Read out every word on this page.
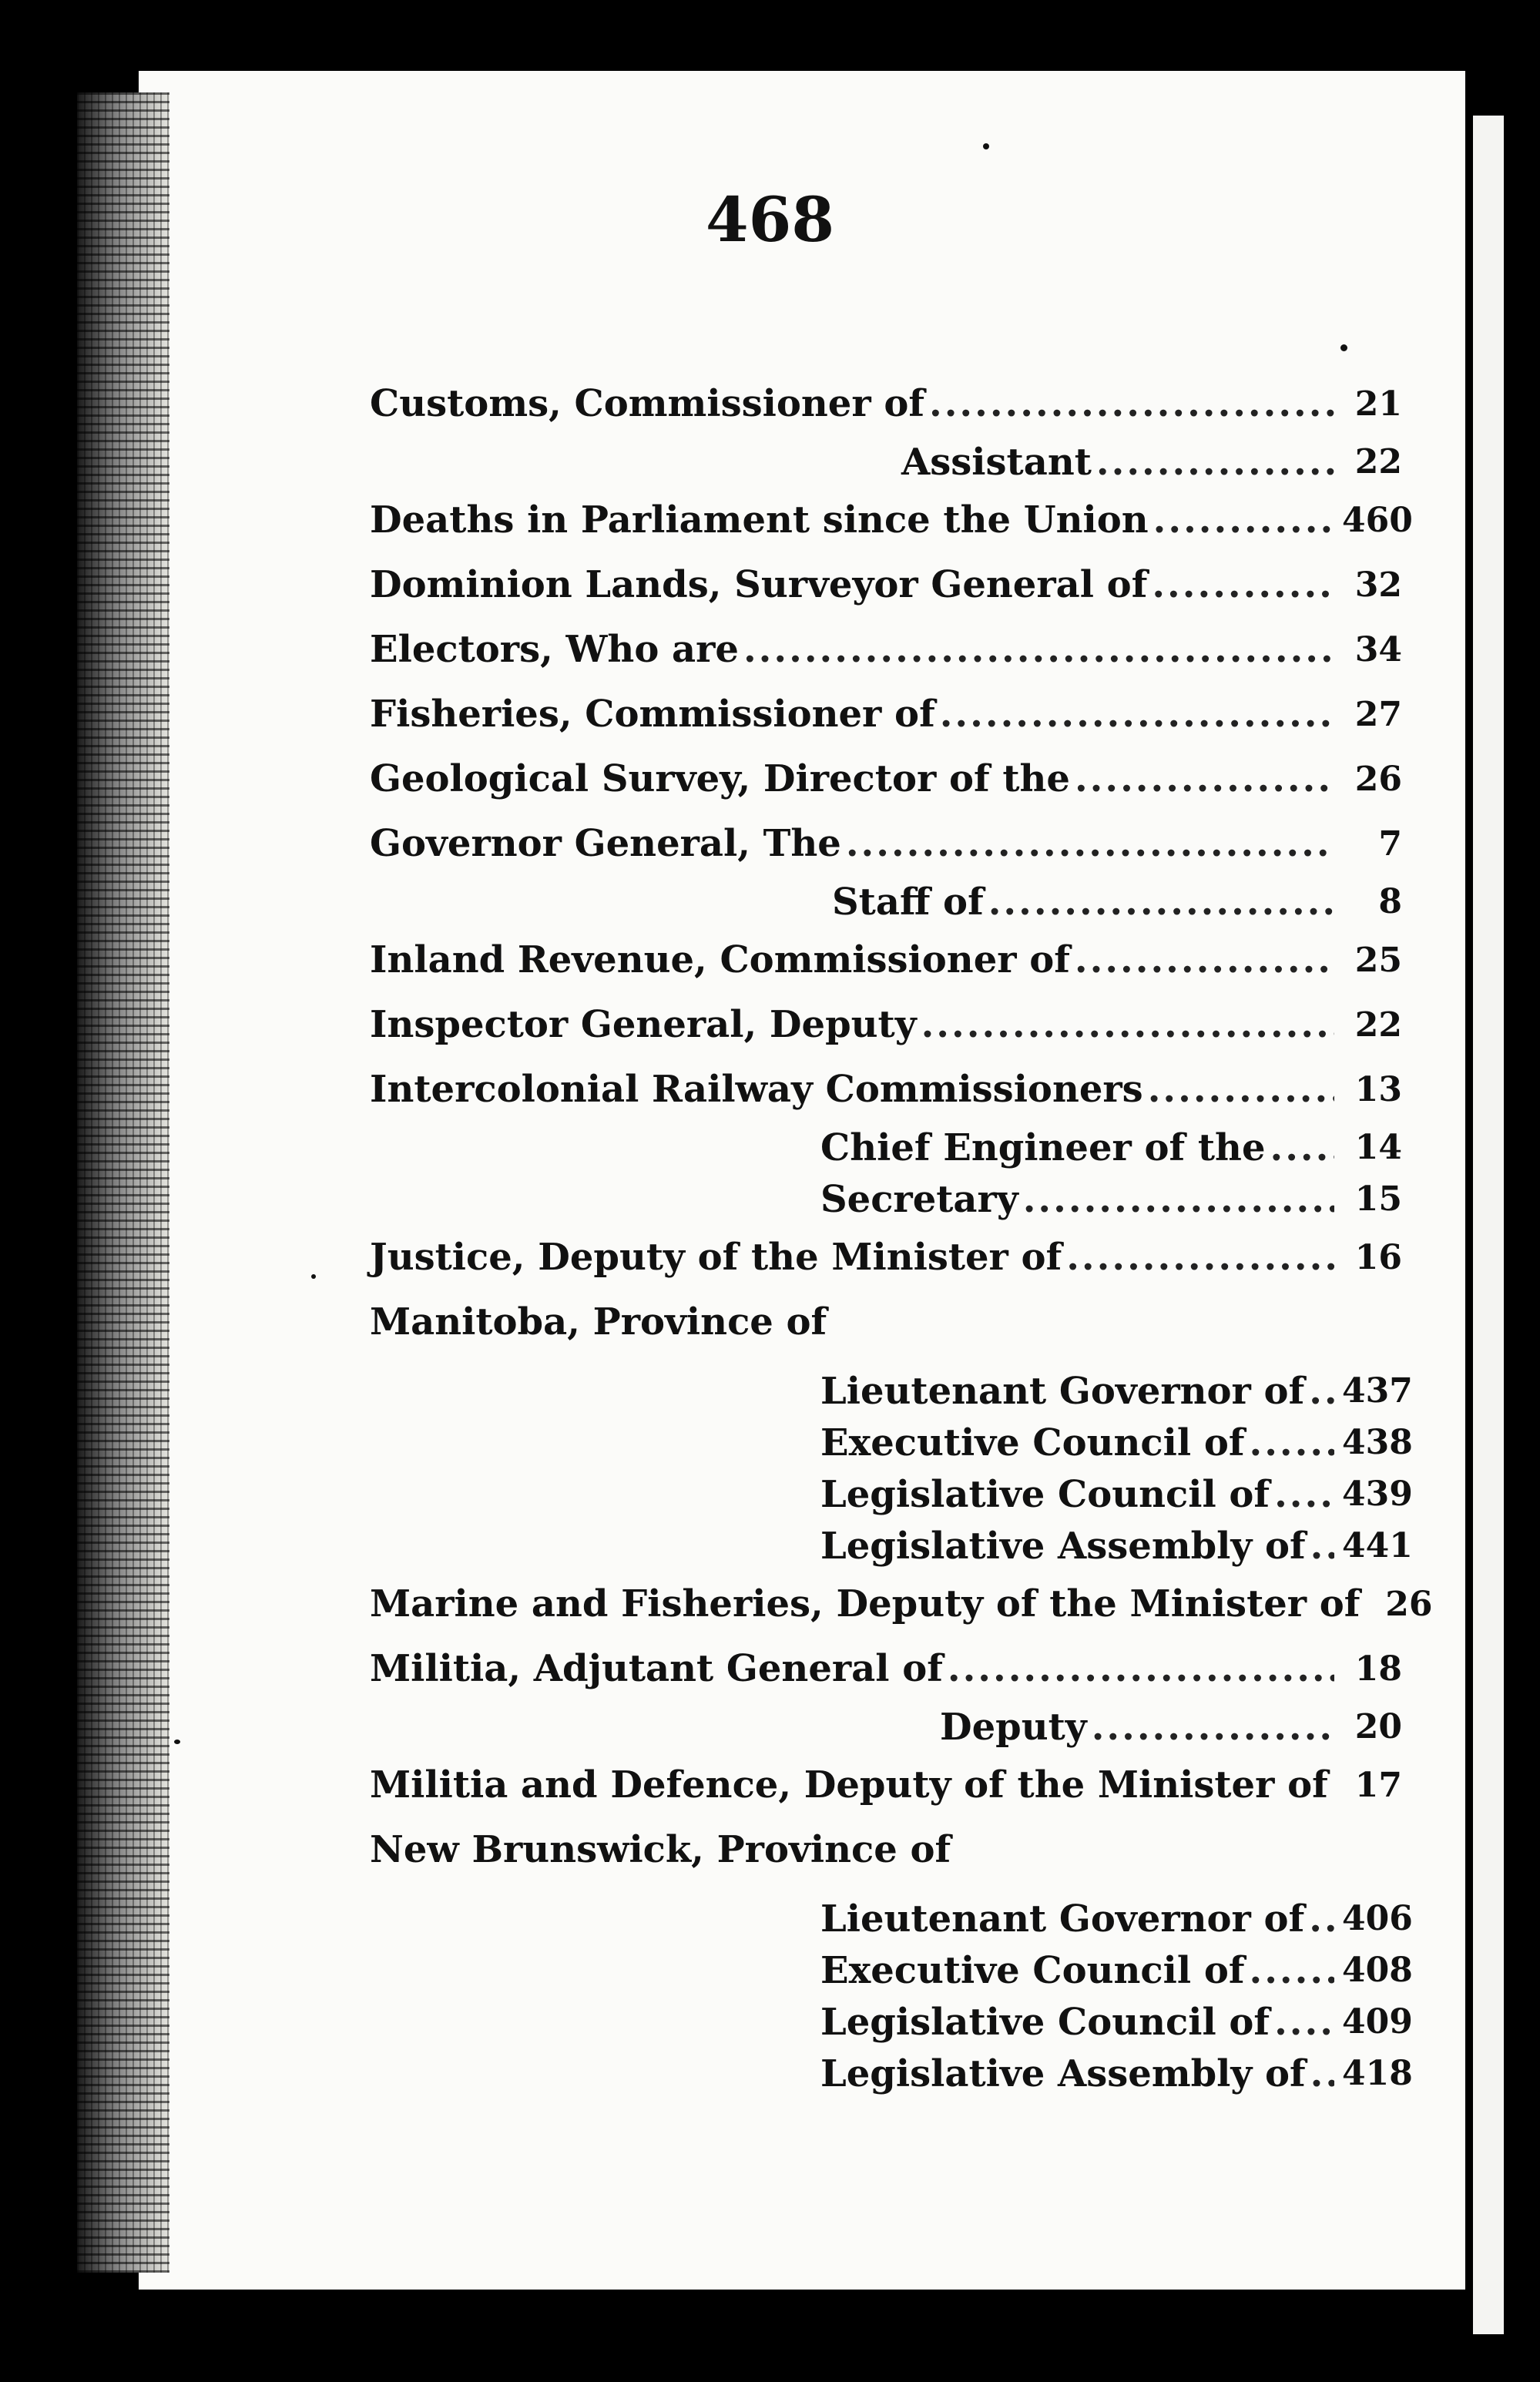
468
Customs, Commissioner of .....	21
Assistant .....	22
Deaths in Parliament since the Union .....	460
Dominion Lands, Surveyor General of .....	32
Electors, Who are .....	34
Fisheries, Commissioner of .....	27
Geological Survey, Director of the .....	26
Governor General, The .....	7
Staff of .....	8
Inland Revenue, Commissioner of .....	25
Inspector General, Deputy .....	22
Intercolonial Railway Commissioners .....	13
Chief Engineer of the .....	14
Secretary .....	15
Justice, Deputy of the Minister of .....	16
Manitoba, Province of
Lieutenant Governor of ..... 437
Executive Council of .....	438
Legislative Council of ..... 439
Legislative Assembly of ..... 441
Marine and Fisheries, Deputy of the Minister of 26
Militia, Adjutant General of .....	18
Deputy .....	20
Militia and Defence, Deputy of the Minister of ..... 17
New Brunswick, Province of
Lieutenant Governor of ..... 406
Executive Council of .....	408
Legislative Council of ..... 409
Legislative Assembly of ..... 418
